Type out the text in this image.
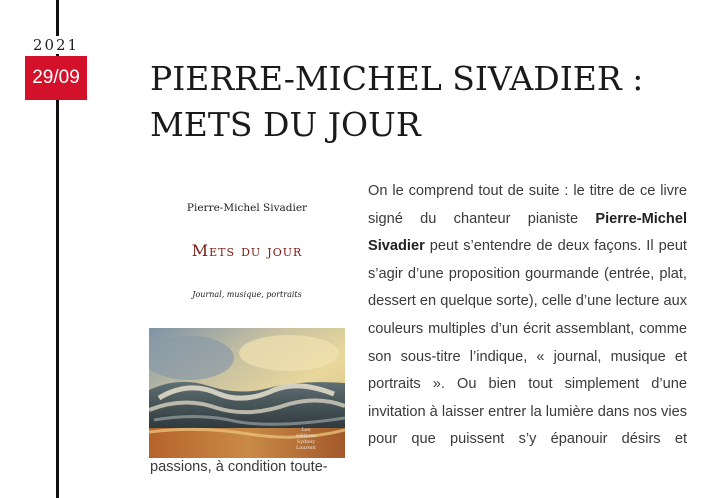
2021
29/09 PIERRE-MICHEL SIVADIER : METS DU JOUR
Pierre-Michel Sivadier
Mets du jour
Journal, musique, portraits
Les éditions Sydney Laurent

On le comprend tout de suite : le titre de ce livre signé du chanteur pianiste Pierre-Michel Sivadier peut s’entendre de deux façons. Il peut s’agir d’une proposition gourmande (entrée, plat, dessert en quelque sorte), celle d’une lecture aux couleurs multiples d’un écrit assemblant, comme son sous-titre l’indique, « journal, musique et portraits ». Ou bien tout simplement d’une invitation à laisser entrer la lumière dans nos vies pour que puissent s’y épanouir désirs et passions, à condition toute-
